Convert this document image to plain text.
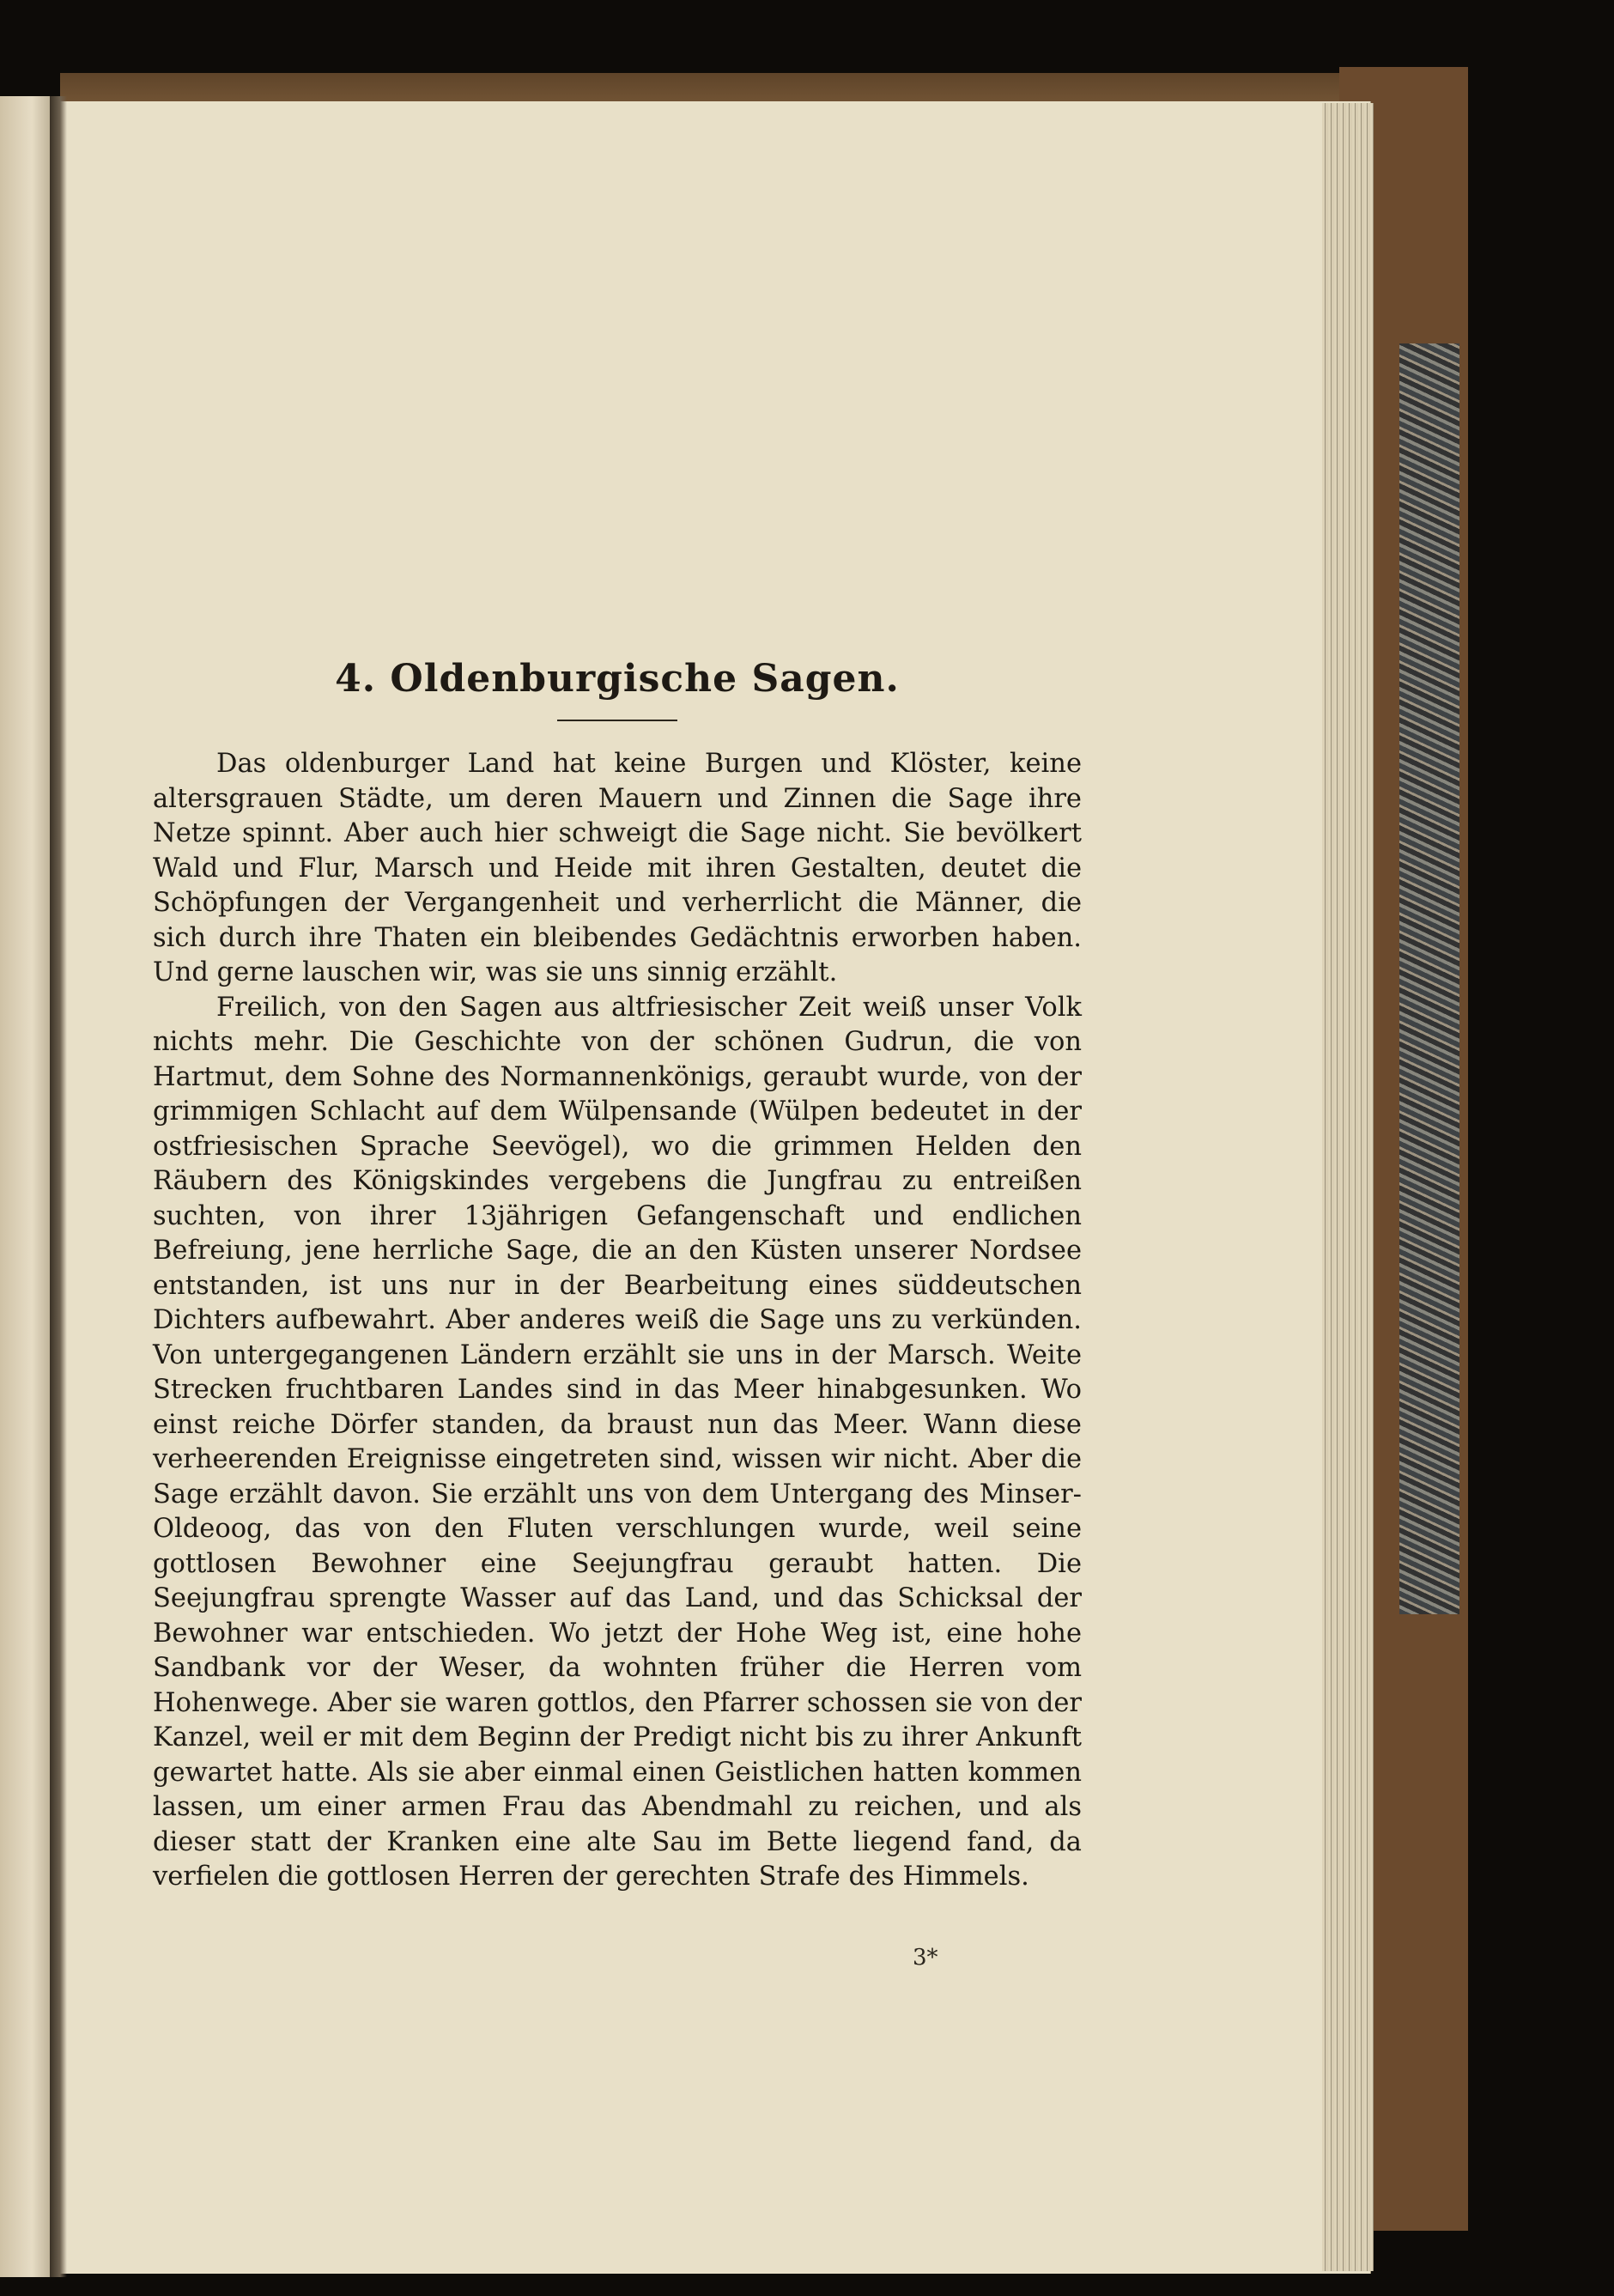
4. Oldenburgische Sagen.

Das oldenburger Land hat keine Burgen und Klöster, keine altersgrauen Städte, um deren Mauern und Zinnen die Sage ihre Netze spinnt. Aber auch hier schweigt die Sage nicht. Sie bevölkert Wald und Flur, Marsch und Heide mit ihren Gestalten, deutet die Schöpfungen der Vergangenheit und verherrlicht die Männer, die sich durch ihre Thaten ein bleibendes Gedächtnis erworben haben. Und gerne lauschen wir, was sie uns sinnig erzählt.

Freilich, von den Sagen aus altfriesischer Zeit weiß unser Volk nichts mehr. Die Geschichte von der schönen Gudrun, die von Hartmut, dem Sohne des Normannenkönigs, geraubt wurde, von der grimmigen Schlacht auf dem Wülpensande (Wülpen bedeutet in der ostfriesischen Sprache Seevögel), wo die grimmen Helden den Räubern des Königskindes vergebens die Jungfrau zu entreißen suchten, von ihrer 13jährigen Gefangenschaft und endlichen Befreiung, jene herrliche Sage, die an den Küsten unserer Nordsee entstanden, ist uns nur in der Bearbeitung eines süddeutschen Dichters aufbewahrt. Aber anderes weiß die Sage uns zu verkünden. Von untergegangenen Ländern erzählt sie uns in der Marsch. Weite Strecken fruchtbaren Landes sind in das Meer hinabgesunken. Wo einst reiche Dörfer standen, da braust nun das Meer. Wann diese verheerenden Ereignisse eingetreten sind, wissen wir nicht. Aber die Sage erzählt davon. Sie erzählt uns von dem Untergang des Minser-Oldeoog, das von den Fluten verschlungen wurde, weil seine gottlosen Bewohner eine Seejungfrau geraubt hatten. Die Seejungfrau sprengte Wasser auf das Land, und das Schicksal der Bewohner war entschieden. Wo jetzt der Hohe Weg ist, eine hohe Sandbank vor der Weser, da wohnten früher die Herren vom Hohenwege. Aber sie waren gottlos, den Pfarrer schossen sie von der Kanzel, weil er mit dem Beginn der Predigt nicht bis zu ihrer Ankunft gewartet hatte. Als sie aber einmal einen Geistlichen hatten kommen lassen, um einer armen Frau das Abendmahl zu reichen, und als dieser statt der Kranken eine alte Sau im Bette liegend fand, da verfielen die gottlosen Herren der gerechten Strafe des Himmels.

3*
